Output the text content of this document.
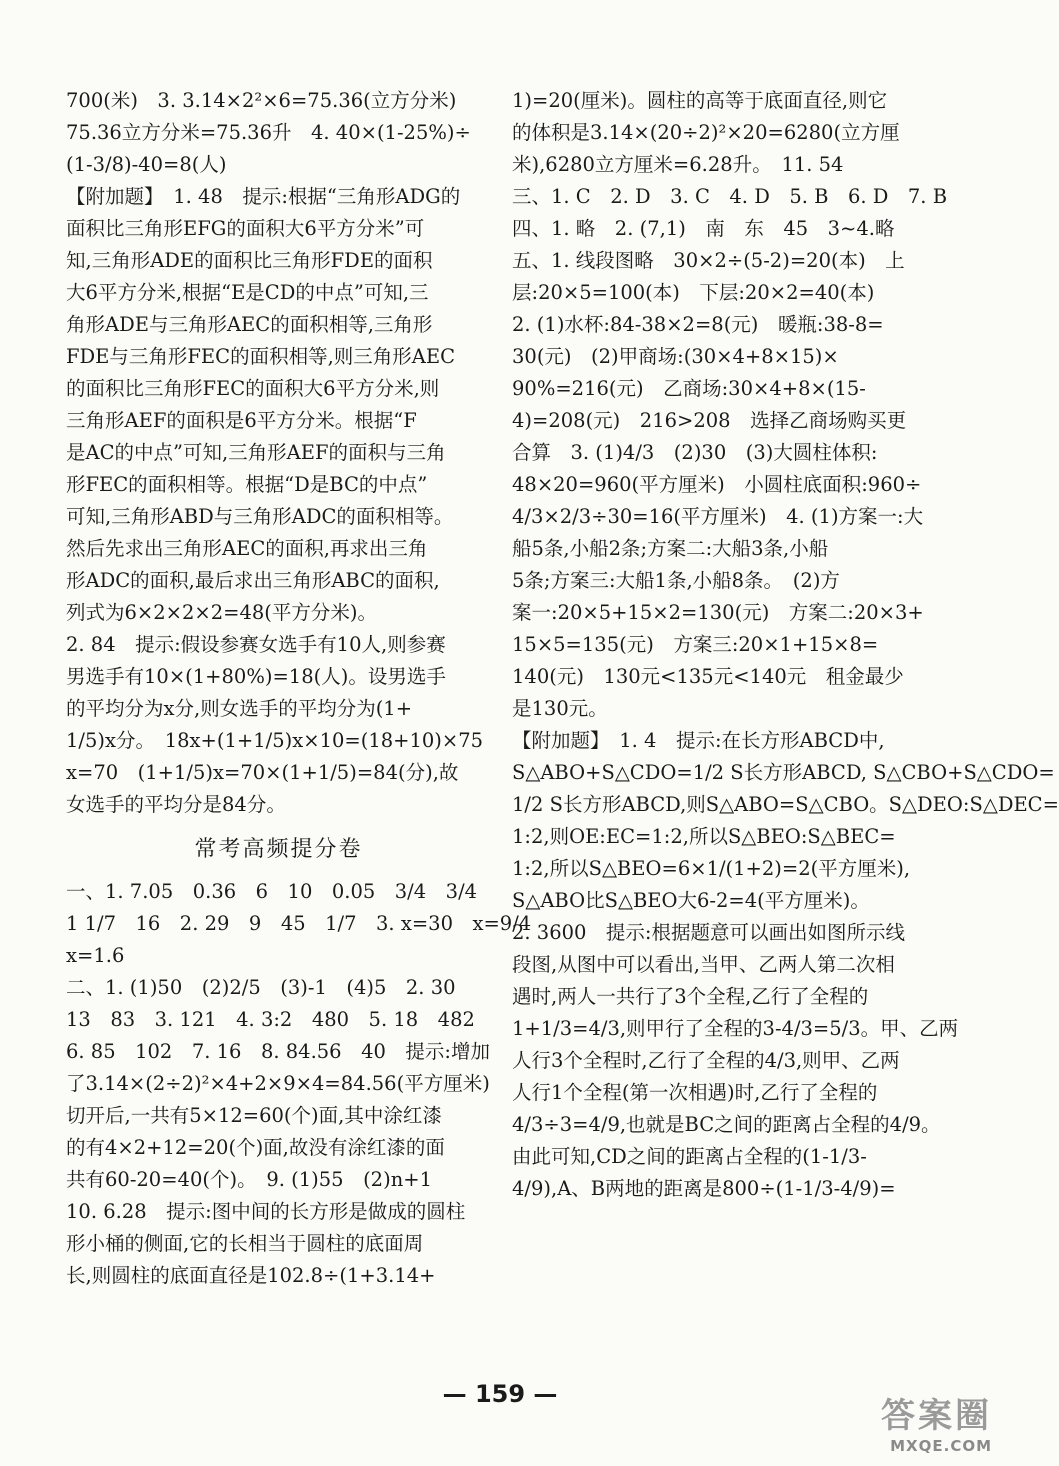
700(米)　3. 3.14×2²×6=75.36(立方分米)
75.36立方分米=75.36升　4. 40×(1-25%)÷
(1-3/8)-40=8(人)
【附加题】　1. 48　提示:根据“三角形ADG的
面积比三角形EFG的面积大6平方分米”可
知,三角形ADE的面积比三角形FDE的面积
大6平方分米,根据“E是CD的中点”可知,三
角形ADE与三角形AEC的面积相等,三角形
FDE与三角形FEC的面积相等,则三角形AEC
的面积比三角形FEC的面积大6平方分米,则
三角形AEF的面积是6平方分米。根据“F
是AC的中点”可知,三角形AEF的面积与三角
形FEC的面积相等。根据“D是BC的中点”
可知,三角形ABD与三角形ADC的面积相等。
然后先求出三角形AEC的面积,再求出三角
形ADC的面积,最后求出三角形ABC的面积,
列式为6×2×2×2=48(平方分米)。
2. 84　提示:假设参赛女选手有10人,则参赛
男选手有10×(1+80%)=18(人)。设男选手
的平均分为x分,则女选手的平均分为(1+
1/5)x分。　18x+(1+1/5)x×10=(18+10)×75
x=70　(1+1/5)x=70×(1+1/5)=84(分),故
女选手的平均分是84分。
常考高频提分卷
一、1. 7.05　0.36　6　10　0.05　3/4　3/4
1 1/7　16　2. 29　9　45　1/7　3. x=30　x=9/4
x=1.6
二、1. (1)50　(2)2/5　(3)-1　(4)5　2. 30
13　83　3. 121　4. 3:2　480　5. 18　482
6. 85　102　7. 16　8. 84.56　40　提示:增加
了3.14×(2÷2)²×4+2×9×4=84.56(平方厘米)
切开后,一共有5×12=60(个)面,其中涂红漆
的有4×2+12=20(个)面,故没有涂红漆的面
共有60-20=40(个)。　9. (1)55　(2)n+1
10. 6.28　提示:图中间的长方形是做成的圆柱
形小桶的侧面,它的长相当于圆柱的底面周
长,则圆柱的底面直径是102.8÷(1+3.14+
1)=20(厘米)。圆柱的高等于底面直径,则它
的体积是3.14×(20÷2)²×20=6280(立方厘
米),6280立方厘米=6.28升。　11. 54
三、1. C　2. D　3. C　4. D　5. B　6. D　7. B
四、1. 略　2. (7,1)　南　东　45　3~4.略
五、1. 线段图略　30×2÷(5-2)=20(本)　上
层:20×5=100(本)　下层:20×2=40(本)
2. (1)水杯:84-38×2=8(元)　暖瓶:38-8=
30(元)　(2)甲商场:(30×4+8×15)×
90%=216(元)　乙商场:30×4+8×(15-
4)=208(元)　216>208　选择乙商场购买更
合算　3. (1)4/3　(2)30　(3)大圆柱体积:
48×20=960(平方厘米)　小圆柱底面积:960÷
4/3×2/3÷30=16(平方厘米)　4. (1)方案一:大
船5条,小船2条;方案二:大船3条,小船
5条;方案三:大船1条,小船8条。　(2)方
案一:20×5+15×2=130(元)　方案二:20×3+
15×5=135(元)　方案三:20×1+15×8=
140(元)　130元<135元<140元　租金最少
是130元。
【附加题】　1. 4　提示:在长方形ABCD中,
S△ABO+S△CDO=1/2 S长方形ABCD, S△CBO+S△CDO=
1/2 S长方形ABCD,则S△ABO=S△CBO。S△DEO:S△DEC=
1:2,则OE:EC=1:2,所以S△BEO:S△BEC=
1:2,所以S△BEO=6×1/(1+2)=2(平方厘米),
S△ABO比S△BEO大6-2=4(平方厘米)。
2. 3600　提示:根据题意可以画出如图所示线
段图,从图中可以看出,当甲、乙两人第二次相
遇时,两人一共行了3个全程,乙行了全程的
1+1/3=4/3,则甲行了全程的3-4/3=5/3。甲、乙两
人行3个全程时,乙行了全程的4/3,则甲、乙两
人行1个全程(第一次相遇)时,乙行了全程的
4/3÷3=4/9,也就是BC之间的距离占全程的4/9。
由此可知,CD之间的距离占全程的(1-1/3-
4/9),A、B两地的距离是800÷(1-1/3-4/9)=
— 159 —
答案圈
MXQE.COM
